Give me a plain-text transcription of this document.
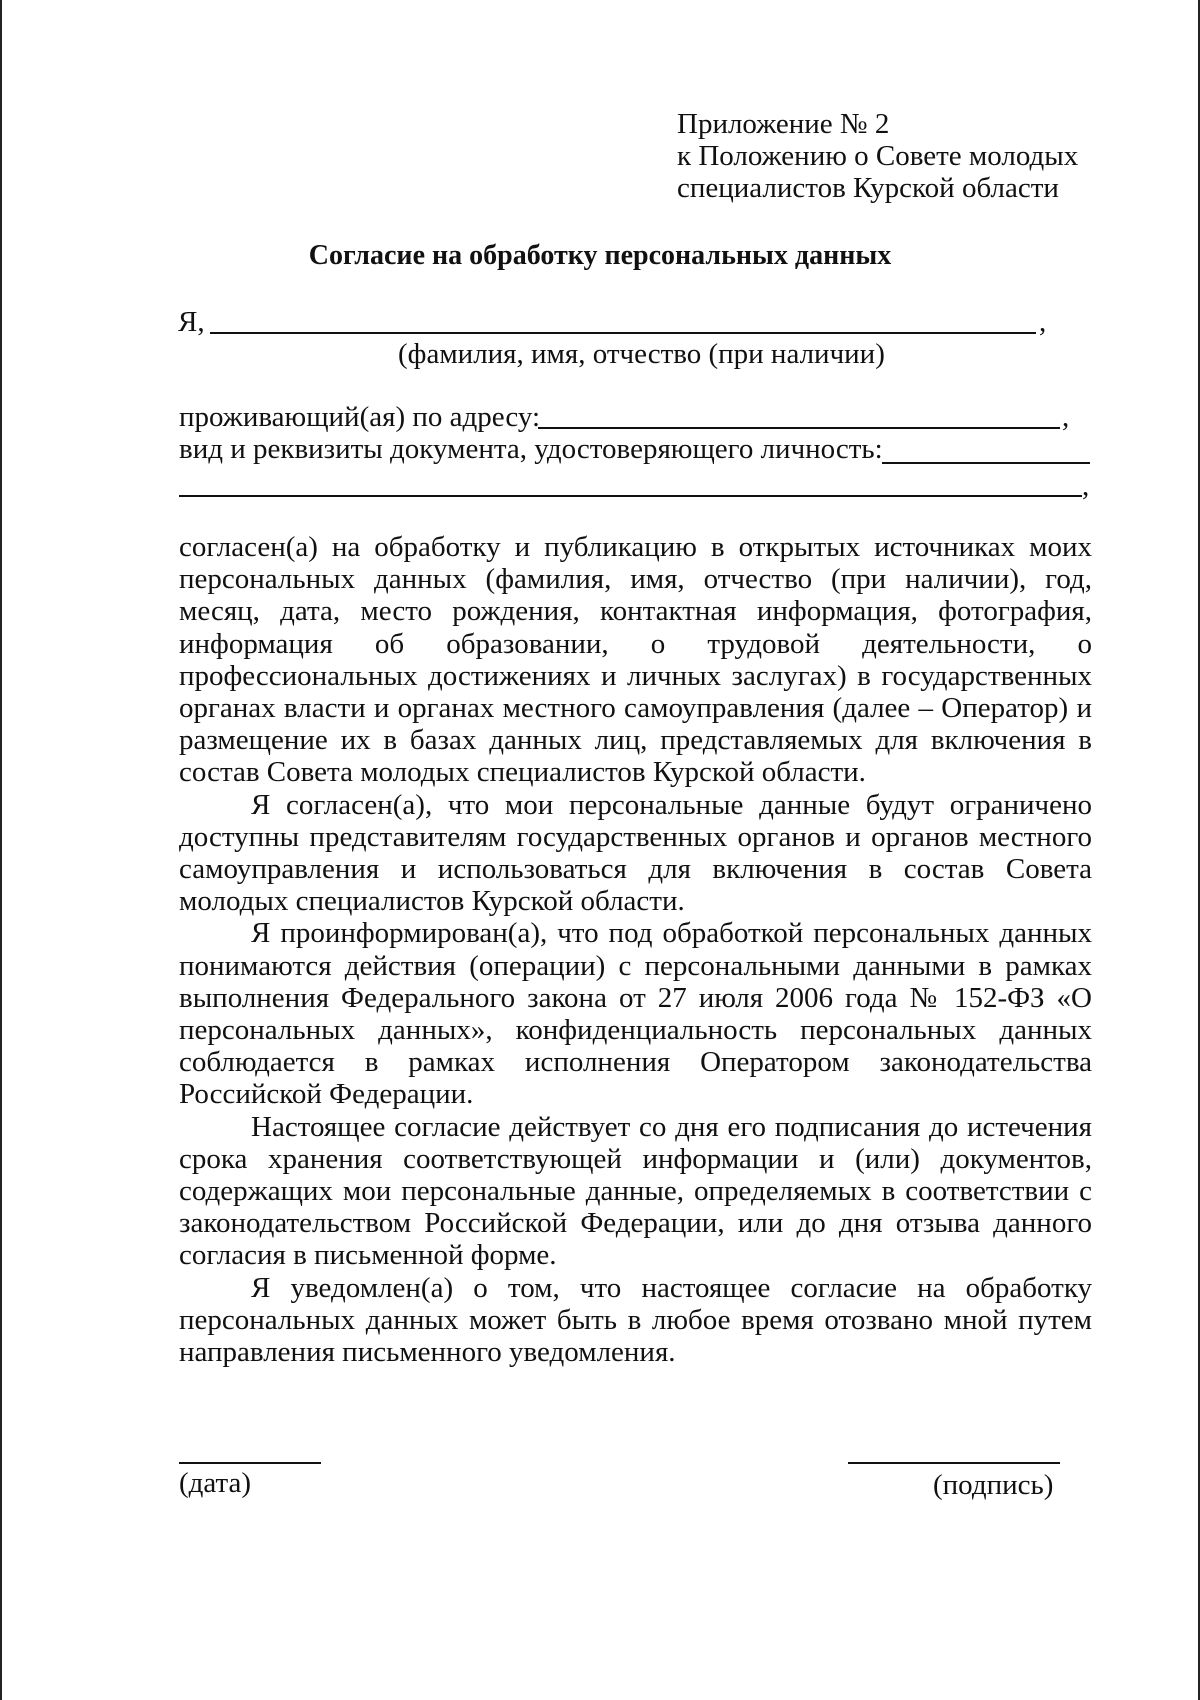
Приложение № 2
к Положению о Совете молодых
специалистов Курской области
Согласие на обработку персональных данных
Я,	,
(фамилия, имя, отчество (при наличии)
проживающий(ая) по адресу:	,
вид и реквизиты документа, удостоверяющего личность:
,

согласен(а) на обработку и публикацию в открытых источниках моих персональных данных (фамилия, имя, отчество (при наличии), год, месяц, дата, место рождения, контактная информация, фотография, информация об образовании, о трудовой деятельности, о профессиональных достижениях и личных заслугах) в государственных органах власти и органах местного самоуправления (далее – Оператор) и размещение их в базах данных лиц, представляемых для включения в состав Совета молодых специалистов Курской области.

Я согласен(а), что мои персональные данные будут ограничено доступны представителям государственных органов и органов местного самоуправления и использоваться для включения в состав Совета молодых специалистов Курской области.

Я проинформирован(а), что под обработкой персональных данных понимаются действия (операции) с персональными данными в рамках выполнения Федерального закона от 27 июля 2006 года № 152-ФЗ «О персональных данных», конфиденциальность персональных данных соблюдается в рамках исполнения Оператором законодательства Российской Федерации.

Настоящее согласие действует со дня его подписания до истечения срока хранения соответствующей информации и (или) документов, содержащих мои персональные данные, определяемых в соответствии с законодательством Российской Федерации, или до дня отзыва данного согласия в письменной форме.

Я уведомлен(а) о том, что настоящее согласие на обработку персональных данных может быть в любое время отозвано мной путем направления письменного уведомления.

(дата)	(подпись)
